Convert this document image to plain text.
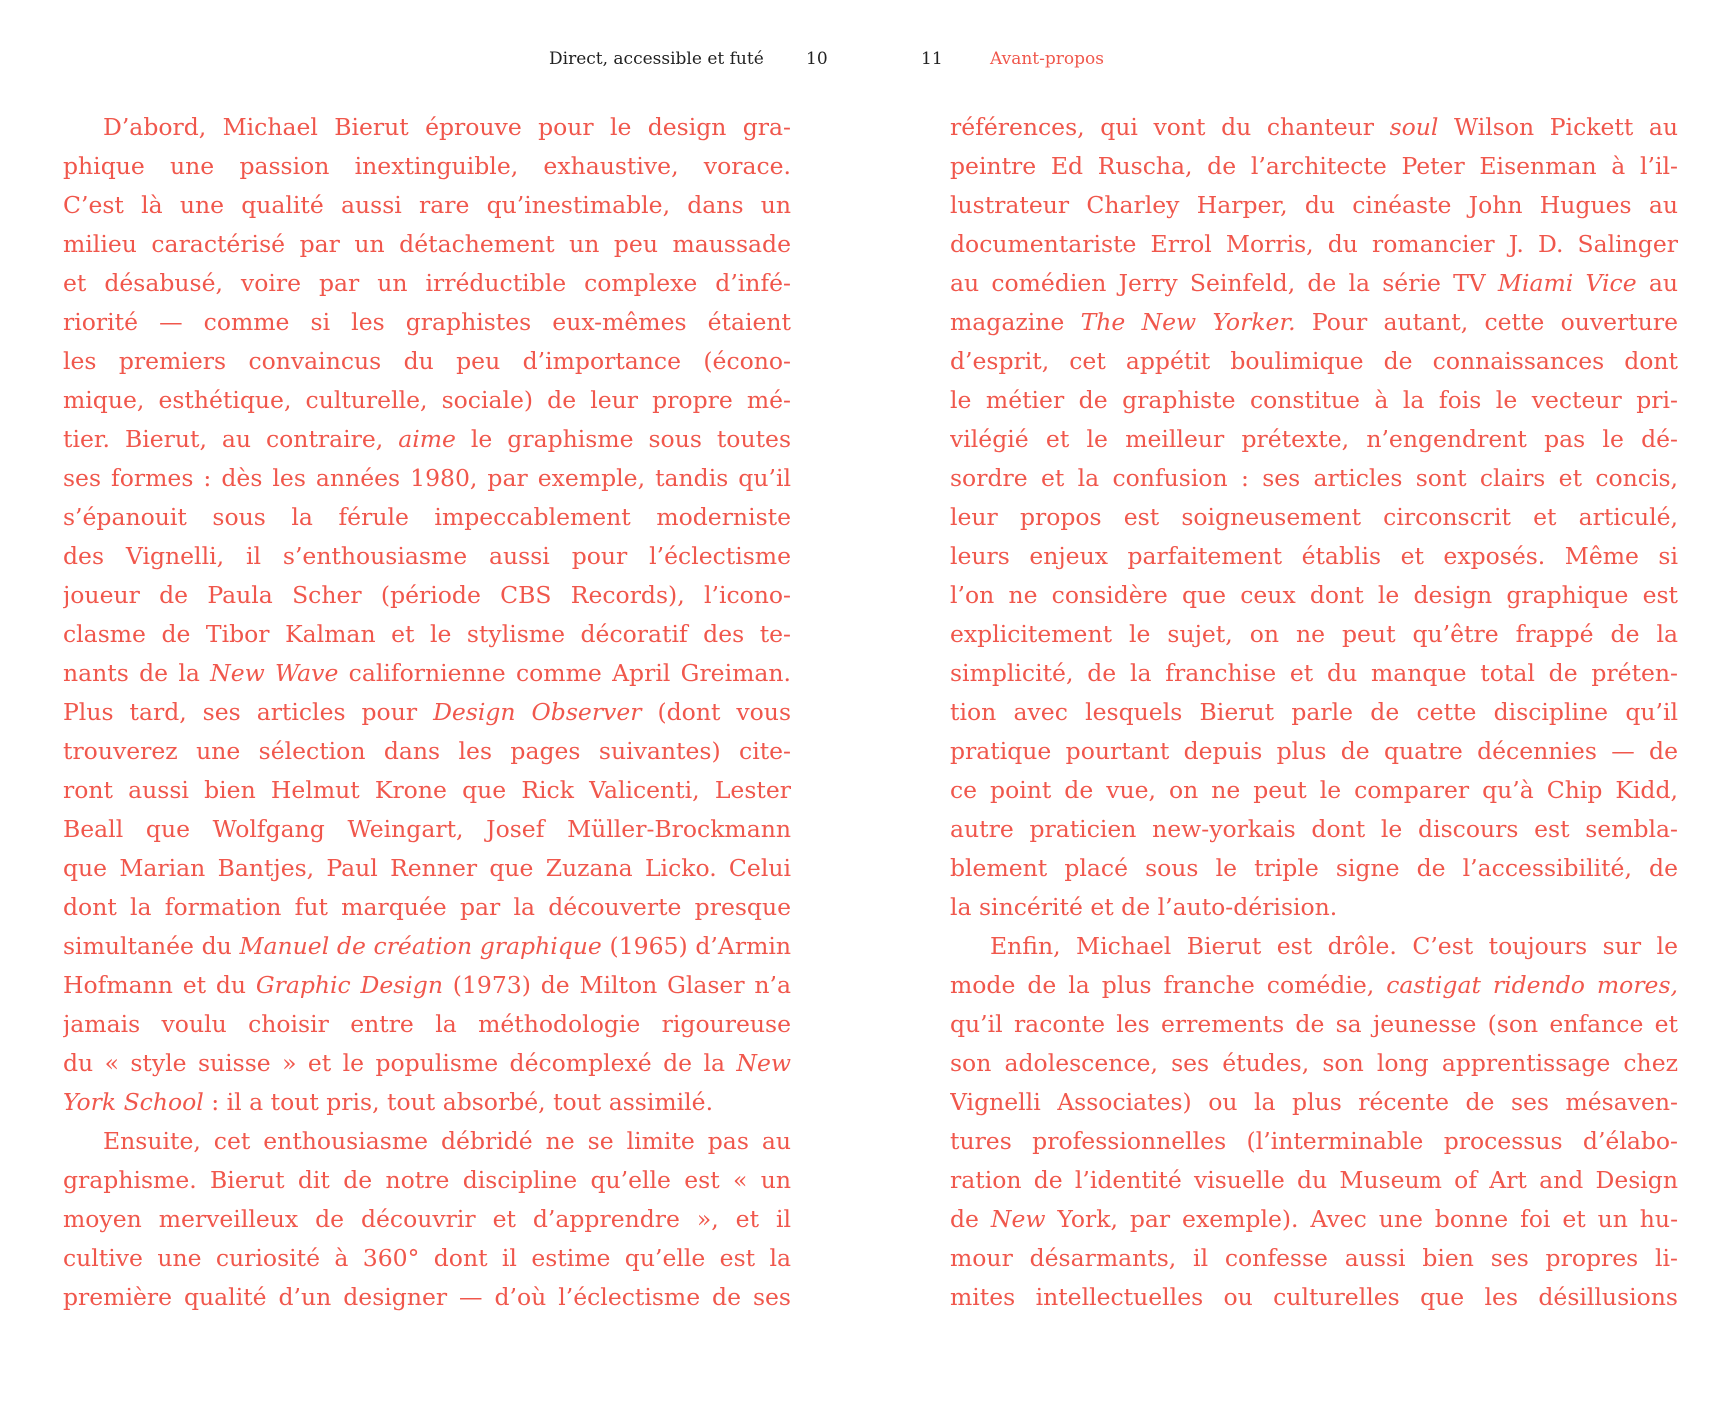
Direct, accessible et futé 10	11	Avant-propos
D’abord, Michael Bierut éprouve pour le design gra-
phique une passion inextinguible, exhaustive, vorace.
C’est là une qualité aussi rare qu’inestimable, dans un
milieu caractérisé par un détachement un peu maussade
et désabusé, voire par un irréductible complexe d’infé-
riorité — comme si les graphistes eux-mêmes étaient
les premiers convaincus du peu d’importance (écono-
mique, esthétique, culturelle, sociale) de leur propre mé-
tier. Bierut, au contraire, aime le graphisme sous toutes
ses formes : dès les années 1980, par exemple, tandis qu’il
s’épanouit sous la férule impeccablement moderniste
des Vignelli, il s’enthousiasme aussi pour l’éclectisme
joueur de Paula Scher (période CBS Records), l’icono-
clasme de Tibor Kalman et le stylisme décoratif des te-
nants de la New Wave californienne comme April Greiman.
Plus tard, ses articles pour Design Observer (dont vous
trouverez une sélection dans les pages suivantes) cite-
ront aussi bien Helmut Krone que Rick Valicenti, Lester
Beall que Wolfgang Weingart, Josef Müller-Brockmann
que Marian Bantjes, Paul Renner que Zuzana Licko. Celui
dont la formation fut marquée par la découverte presque
simultanée du Manuel de création graphique (1965) d’Armin
Hofmann et du Graphic Design (1973) de Milton Glaser n’a
jamais voulu choisir entre la méthodologie rigoureuse
du « style suisse » et le populisme décomplexé de la New
York School : il a tout pris, tout absorbé, tout assimilé.
Ensuite, cet enthousiasme débridé ne se limite pas au
graphisme. Bierut dit de notre discipline qu’elle est « un
moyen merveilleux de découvrir et d’apprendre », et il
cultive une curiosité à 360° dont il estime qu’elle est la
première qualité d’un designer — d’où l’éclectisme de ses
références, qui vont du chanteur soul Wilson Pickett au
peintre Ed Ruscha, de l’architecte Peter Eisenman à l’il-
lustrateur Charley Harper, du cinéaste John Hugues au
documentariste Errol Morris, du romancier J. D. Salinger
au comédien Jerry Seinfeld, de la série TV Miami Vice au
magazine The New Yorker. Pour autant, cette ouverture
d’esprit, cet appétit boulimique de connaissances dont
le métier de graphiste constitue à la fois le vecteur pri-
vilégié et le meilleur prétexte, n’engendrent pas le dé-
sordre et la confusion : ses articles sont clairs et concis,
leur propos est soigneusement circonscrit et articulé,
leurs enjeux parfaitement établis et exposés. Même si
l’on ne considère que ceux dont le design graphique est
explicitement le sujet, on ne peut qu’être frappé de la
simplicité, de la franchise et du manque total de préten-
tion avec lesquels Bierut parle de cette discipline qu’il
pratique pourtant depuis plus de quatre décennies — de
ce point de vue, on ne peut le comparer qu’à Chip Kidd,
autre praticien new-yorkais dont le discours est sembla-
blement placé sous le triple signe de l’accessibilité, de
la sincérité et de l’auto-dérision.
Enfin, Michael Bierut est drôle. C’est toujours sur le
mode de la plus franche comédie, castigat ridendo mores,
qu’il raconte les errements de sa jeunesse (son enfance et
son adolescence, ses études, son long apprentissage chez
Vignelli Associates) ou la plus récente de ses mésaven-
tures professionnelles (l’interminable processus d’élabo-
ration de l’identité visuelle du Museum of Art and Design
de New York, par exemple). Avec une bonne foi et un hu-
mour désarmants, il confesse aussi bien ses propres li-
mites intellectuelles ou culturelles que les désillusions
